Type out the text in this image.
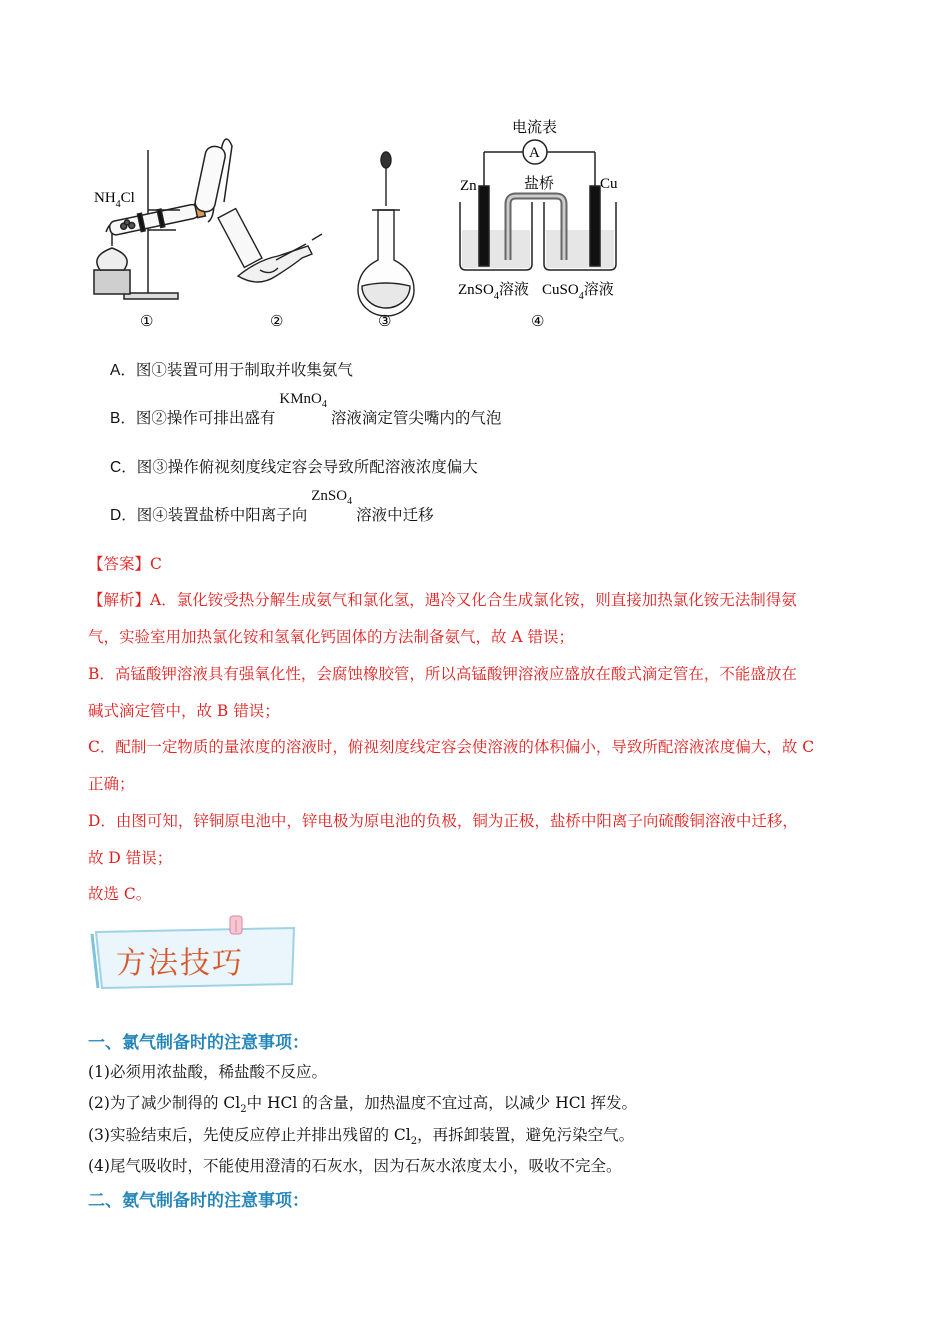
$NH_4Cl$
电流表
A
Zn	Cu
盐桥
ZnSO$_4$溶液 CuSO$_4$溶液
①	②	③	④
A．图①装置可用于制取并收集氨气
B．图②操作可排出盛有KMnO$_4$溶液滴定管尖嘴内的气泡
C．图③操作俯视刻度线定容会导致所配溶液浓度偏大
D．图④装置盐桥中阳离子向ZnSO$_4$溶液中迁移
【答案】C
【解析】A．氯化铵受热分解生成氨气和氯化氢，遇冷又化合生成氯化铵，则直接加热氯化铵无法制得氨
气，实验室用加热氯化铵和氢氧化钙固体的方法制备氨气，故 A 错误；
B．高锰酸钾溶液具有强氧化性，会腐蚀橡胶管，所以高锰酸钾溶液应盛放在酸式滴定管在，不能盛放在
碱式滴定管中，故 B 错误；
C．配制一定物质的量浓度的溶液时，俯视刻度线定容会使溶液的体积偏小，导致所配溶液浓度偏大，故 C
正确；
D．由图可知，锌铜原电池中，锌电极为原电池的负极，铜为正极，盐桥中阳离子向硫酸铜溶液中迁移，
故 D 错误；
故选 C。
方法技巧
一、氯气制备时的注意事项：
(1)必须用浓盐酸，稀盐酸不反应。
(2)为了减少制得的 $Cl_2$中 HCl 的含量，加热温度不宜过高，以减少 HCl 挥发。
(3)实验结束后，先使反应停止并排出残留的 $Cl_2$，再拆卸装置，避免污染空气。
(4)尾气吸收时，不能使用澄清的石灰水，因为石灰水浓度太小，吸收不完全。
二、氨气制备时的注意事项：
